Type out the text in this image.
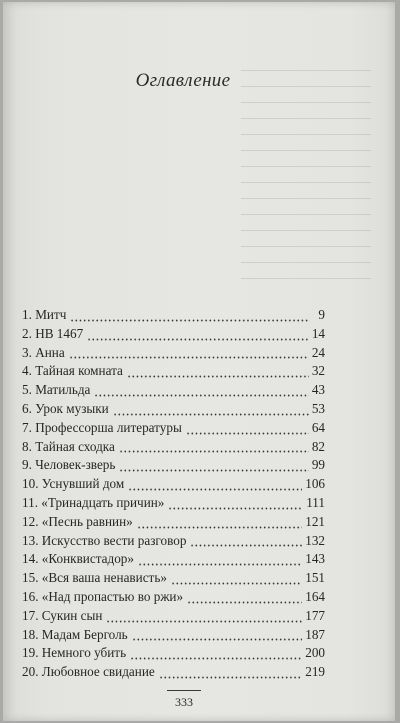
Оглавление
1. Митч	9
2. НВ 1467	14
3. Анна	24
4. Тайная комната	32
5. Матильда	43
6. Урок музыки	53
7. Профессорша литературы	64
8. Тайная сходка	82
9. Человек-зверь	99
10. Уснувший дом	106
11. «Тринадцать причин»	111
12. «Песнь равнин»	121
13. Искусство вести разговор	132
14. «Конквистадор»	143
15. «Вся ваша ненависть»	151
16. «Над пропастью во ржи»	164
17. Сукин сын	177
18. Мадам Берголь	187
19. Немного убить	200
20. Любовное свидание	219
333
